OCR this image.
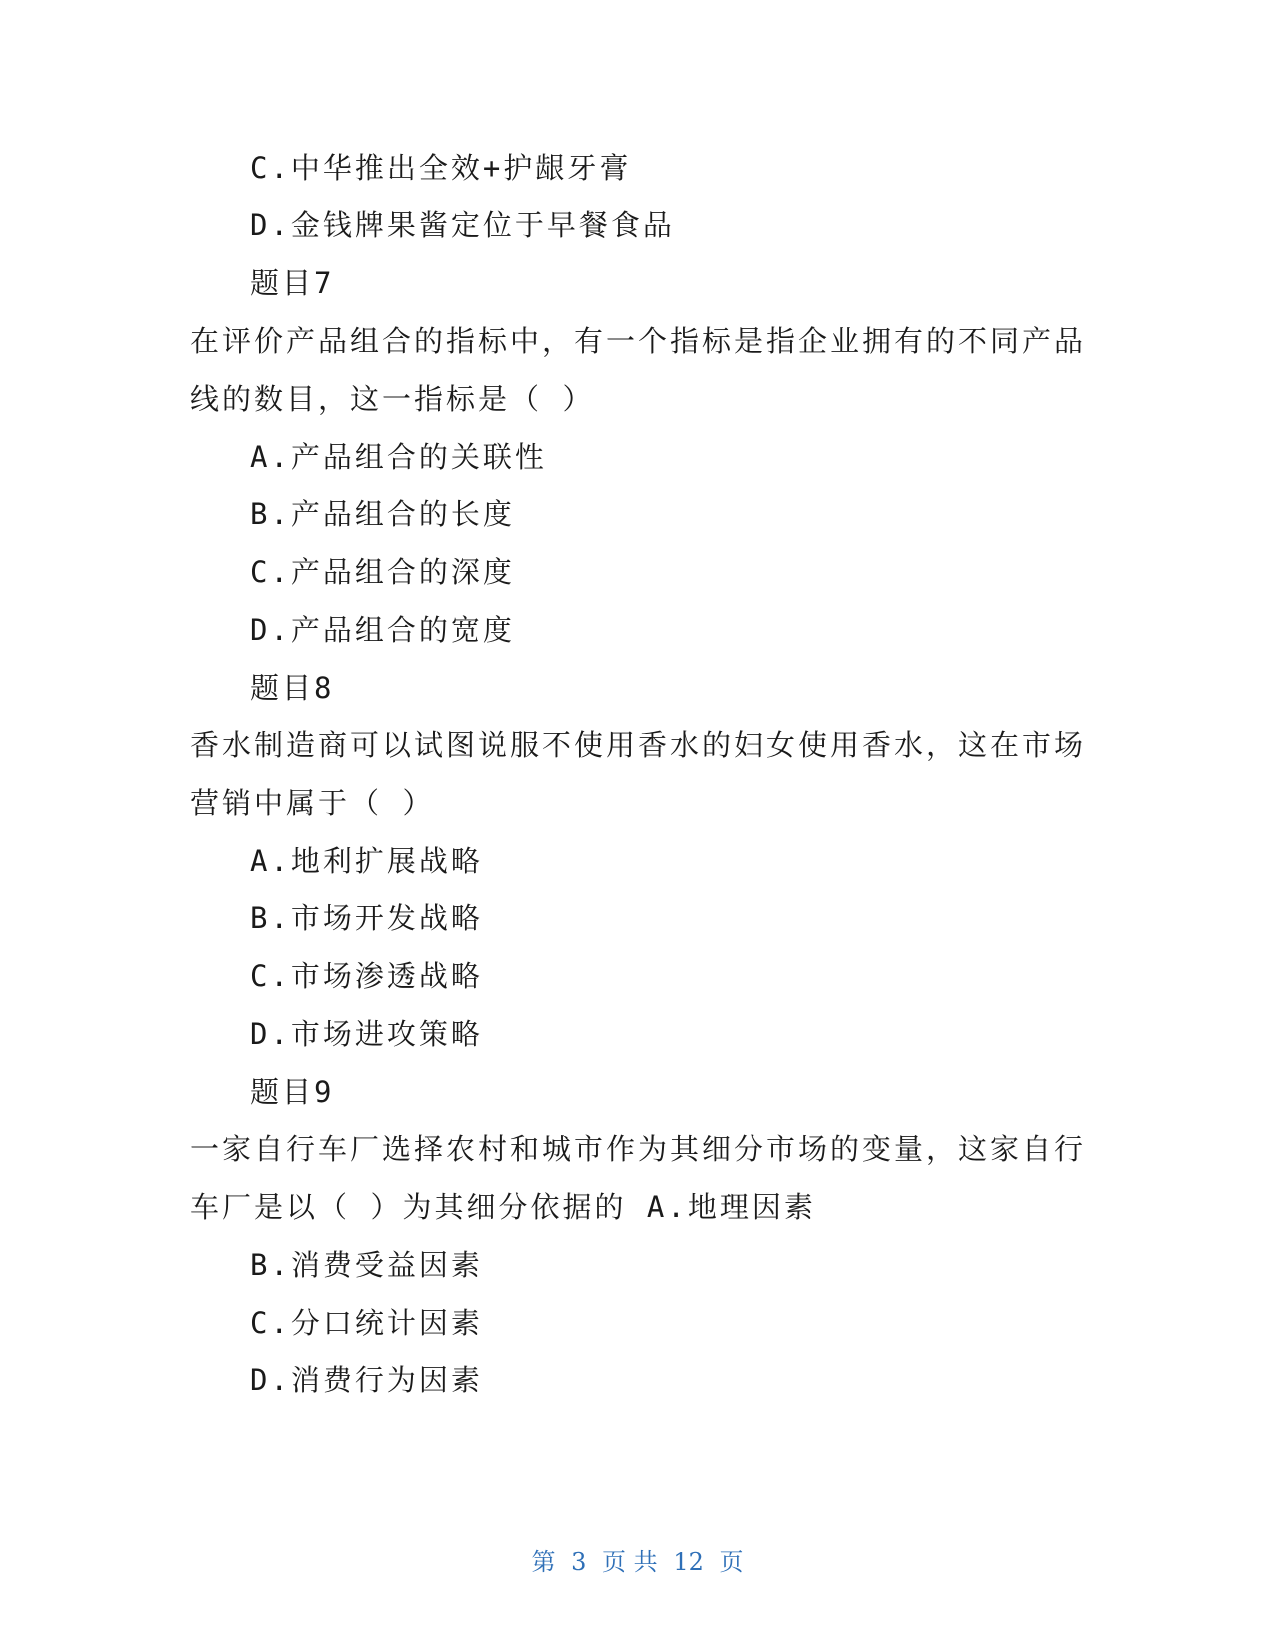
C.中华推出全效+护龈牙膏
D.金钱牌果酱定位于早餐食品
题目7
在评价产品组合的指标中，有一个指标是指企业拥有的不同产品
线的数目，这一指标是（ ）
A.产品组合的关联性
B.产品组合的长度
C.产品组合的深度
D.产品组合的宽度
题目8
香水制造商可以试图说服不使用香水的妇女使用香水，这在市场
营销中属于（ ）
A.地利扩展战略
B.市场开发战略
C.市场渗透战略
D.市场进攻策略
题目9
一家自行车厂选择农村和城市作为其细分市场的变量，这家自行
车厂是以（ ）为其细分依据的 A.地理因素
B.消费受益因素
C.分口统计因素
D.消费行为因素
第 3 页 共 12 页
